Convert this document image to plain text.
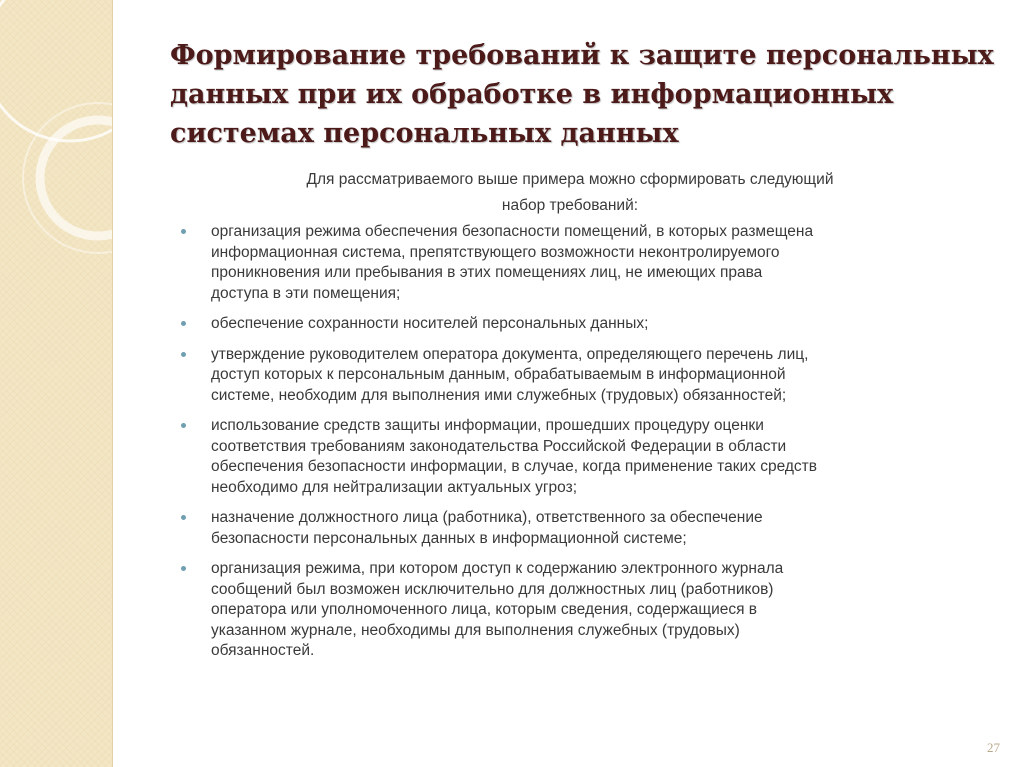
Формирование требований к защите персональных
данных при их обработке в информационных
системах персональных данных
Для рассматриваемого выше примера можно сформировать следующий
набор требований:
организация режима обеспечения безопасности помещений, в которых размещена
информационная система, препятствующего возможности неконтролируемого
проникновения или пребывания в этих помещениях лиц, не имеющих права
доступа в эти помещения;
обеспечение сохранности носителей персональных данных;
утверждение руководителем оператора документа, определяющего перечень лиц,
доступ которых к персональным данным, обрабатываемым в информационной
системе, необходим для выполнения ими служебных (трудовых) обязанностей;
использование средств защиты информации, прошедших процедуру оценки
соответствия требованиям законодательства Российской Федерации в области
обеспечения безопасности информации, в случае, когда применение таких средств
необходимо для нейтрализации актуальных угроз;
назначение должностного лица (работника), ответственного за обеспечение
безопасности персональных данных в информационной системе;
организация режима, при котором доступ к содержанию электронного журнала
сообщений был возможен исключительно для должностных лиц (работников)
оператора или уполномоченного лица, которым сведения, содержащиеся в
указанном журнале, необходимы для выполнения служебных (трудовых)
обязанностей.
27
